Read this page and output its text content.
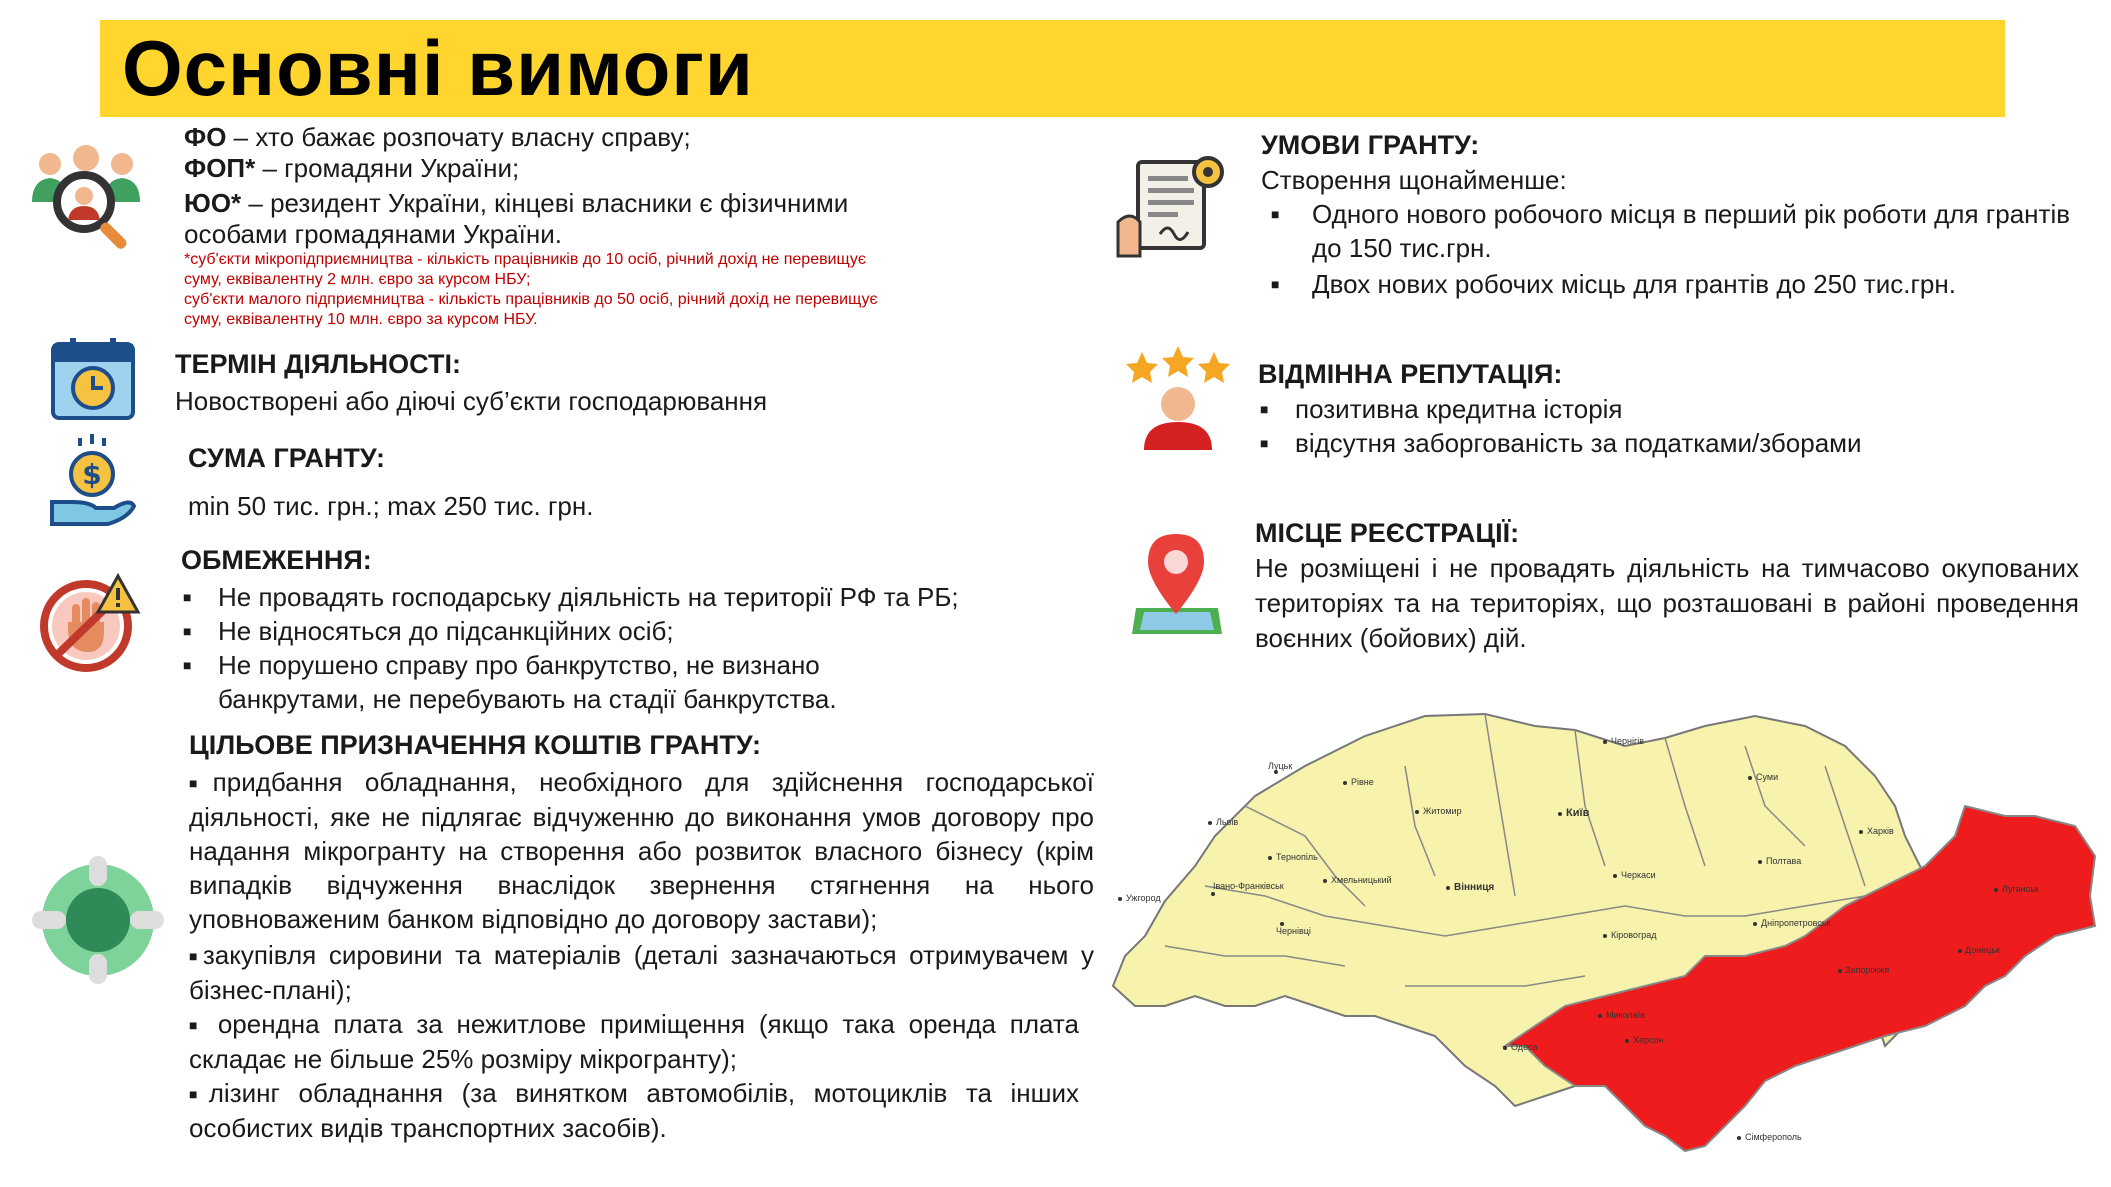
Основні вимоги
ФО – хто бажає розпочату власну справу;
ФОП* – громадяни України;
ЮО* – резидент України, кінцеві власники є фізичними
особами громадянами України.
*суб'єкти мікропідприємництва - кількість працівників до 10 осіб, річний дохід не перевищує
суму, еквівалентну 2 млн. євро за курсом НБУ;
суб'єкти малого підприємництва - кількість працівників до 50 осіб, річний дохід не перевищує
суму, еквівалентну 10 млн. євро за курсом НБУ.
ТЕРМІН ДІЯЛЬНОСТІ:
Новостворені або діючі суб’єкти господарювання
$	СУМА ГРАНТУ:
min 50 тис. грн.; max 250 тис. грн.
ОБМЕЖЕННЯ:
■ Не провадять господарську діяльність на території РФ та РБ;
■ Не відносяться до підсанкційних осіб;
■ Не порушено справу про банкрутство, не визнано банкрутами, не перебувають на стадії банкрутства.
ЦІЛЬОВЕ ПРИЗНАЧЕННЯ КОШТІВ ГРАНТУ:
■придбання обладнання, необхідного для здійснення господарської діяльності, яке не підлягає відчуженню до виконання умов договору про надання мікрогранту на створення або розвиток власного бізнесу (крім випадків відчуження внаслідок звернення стягнення на нього уповноваженим банком відповідно до договору застави);
■закупівля сировини та матеріалів (деталі зазначаються отримувачем у бізнес-плані);
■ орендна плата за нежитлове приміщення (якщо така оренда плата складає не більше 25% розміру мікрогранту);
■лізинг обладнання (за винятком автомобілів, мотоциклів та інших особистих видів транспортних засобів).
УМОВИ ГРАНТУ:
Створення щонайменше:
■ Одного нового робочого місця в перший рік роботи для грантів до 150 тис.грн.
■ Двох нових робочих місць для грантів до 250 тис.грн.
ВІДМІННА РЕПУТАЦІЯ:
■ позитивна кредитна історія
■ відсутня заборгованість за податками/зборами
МІСЦЕ РЕЄСТРАЦІЇ:
Не розміщені і не провадять діяльність на тимчасово окупованих територіях та на територіях, що розташовані в районі проведення воєнних (бойових) дій.
Чернігів
Суми
Харків
Луганськ
Донецьк
Запоріжжя
Херсон
Сімферополь
Миколаїв
Одеса
Кіровоград
Дніпропетровськ
Полтава
Черкаси
Київ
Житомир
Вінниця
Рівне
Луцьк
Львів
Тернопіль
Хмельницький
Івано-Франківськ
Ужгород
Чернівці
